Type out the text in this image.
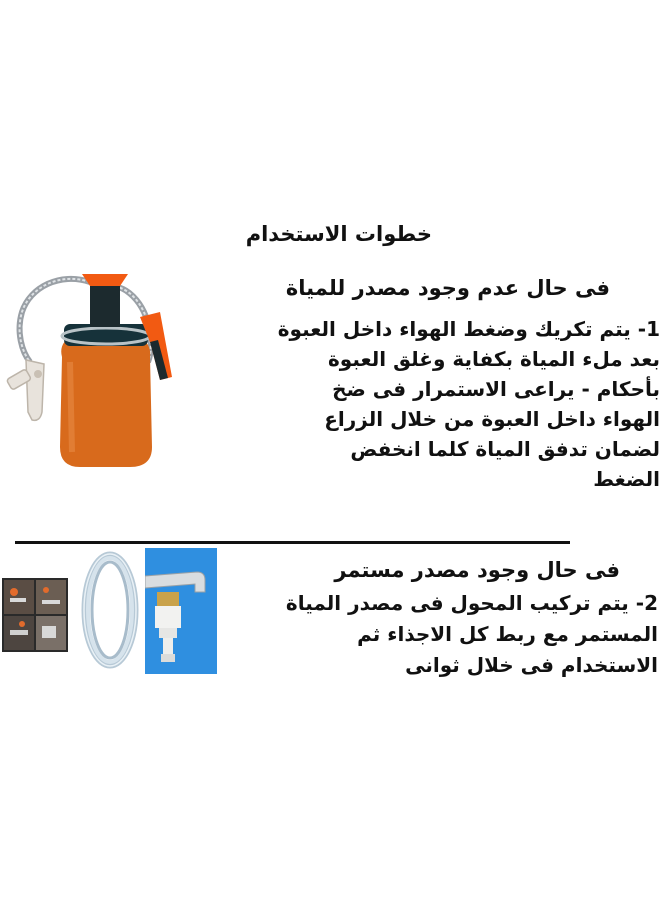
خطوات الاستخدام
فى حال عدم وجود مصدر للمياة
1- يتم تكريك وضغط الهواء داخل العبوة
بعد ملء المياة بكفاية وغلق العبوة
بأحكام - يراعى الاستمرار فى ضخ
الهواء داخل العبوة من خلال الزراع
لضمان تدفق المياة كلما انخفض
الضغط
فى حال وجود مصدر مستمر
2- يتم تركيب المحول فى مصدر المياة
المستمر مع ربط كل الاجذاء ثم
الاستخدام فى خلال ثوانى
